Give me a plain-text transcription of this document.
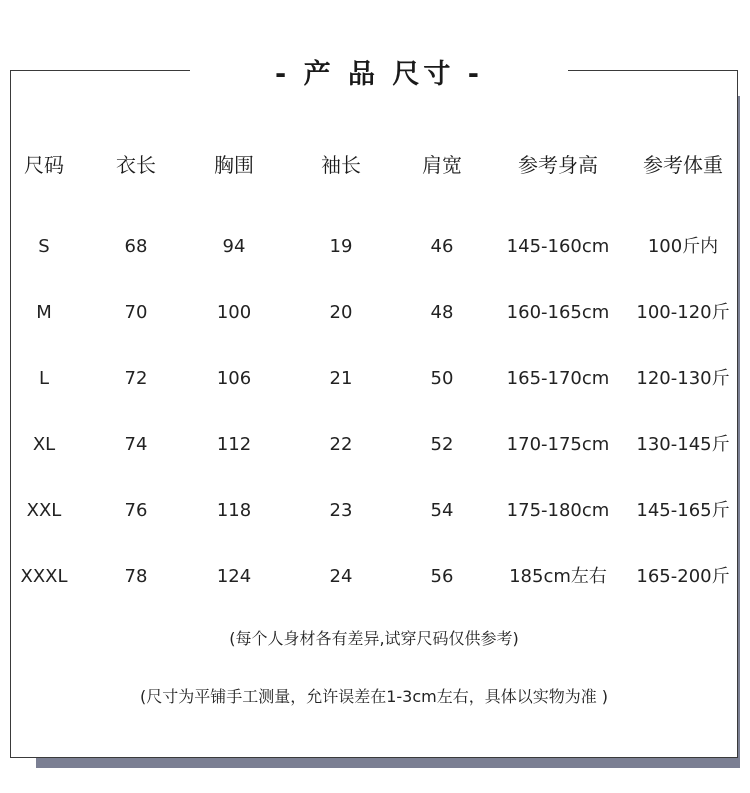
- 产 品 尺寸 -
尺码	衣长	胸围	袖长	肩宽	参考身高 参考体重
S	68	94	19	46	145-160cm 100斤内
M	70	100	20	48	160-165cm 100-120斤
L	72	106	21	50	165-170cm 120-130斤
XL	74	112	22	52	170-175cm 130-145斤
XXL	76	118	23	54	175-180cm 145-165斤
XXXL	78	124	24	56	185cm左右 165-200斤
(每个人身材各有差异,试穿尺码仅供参考)
(尺寸为平铺手工测量，允许误差在1-3cm左右，具体以实物为准 )
